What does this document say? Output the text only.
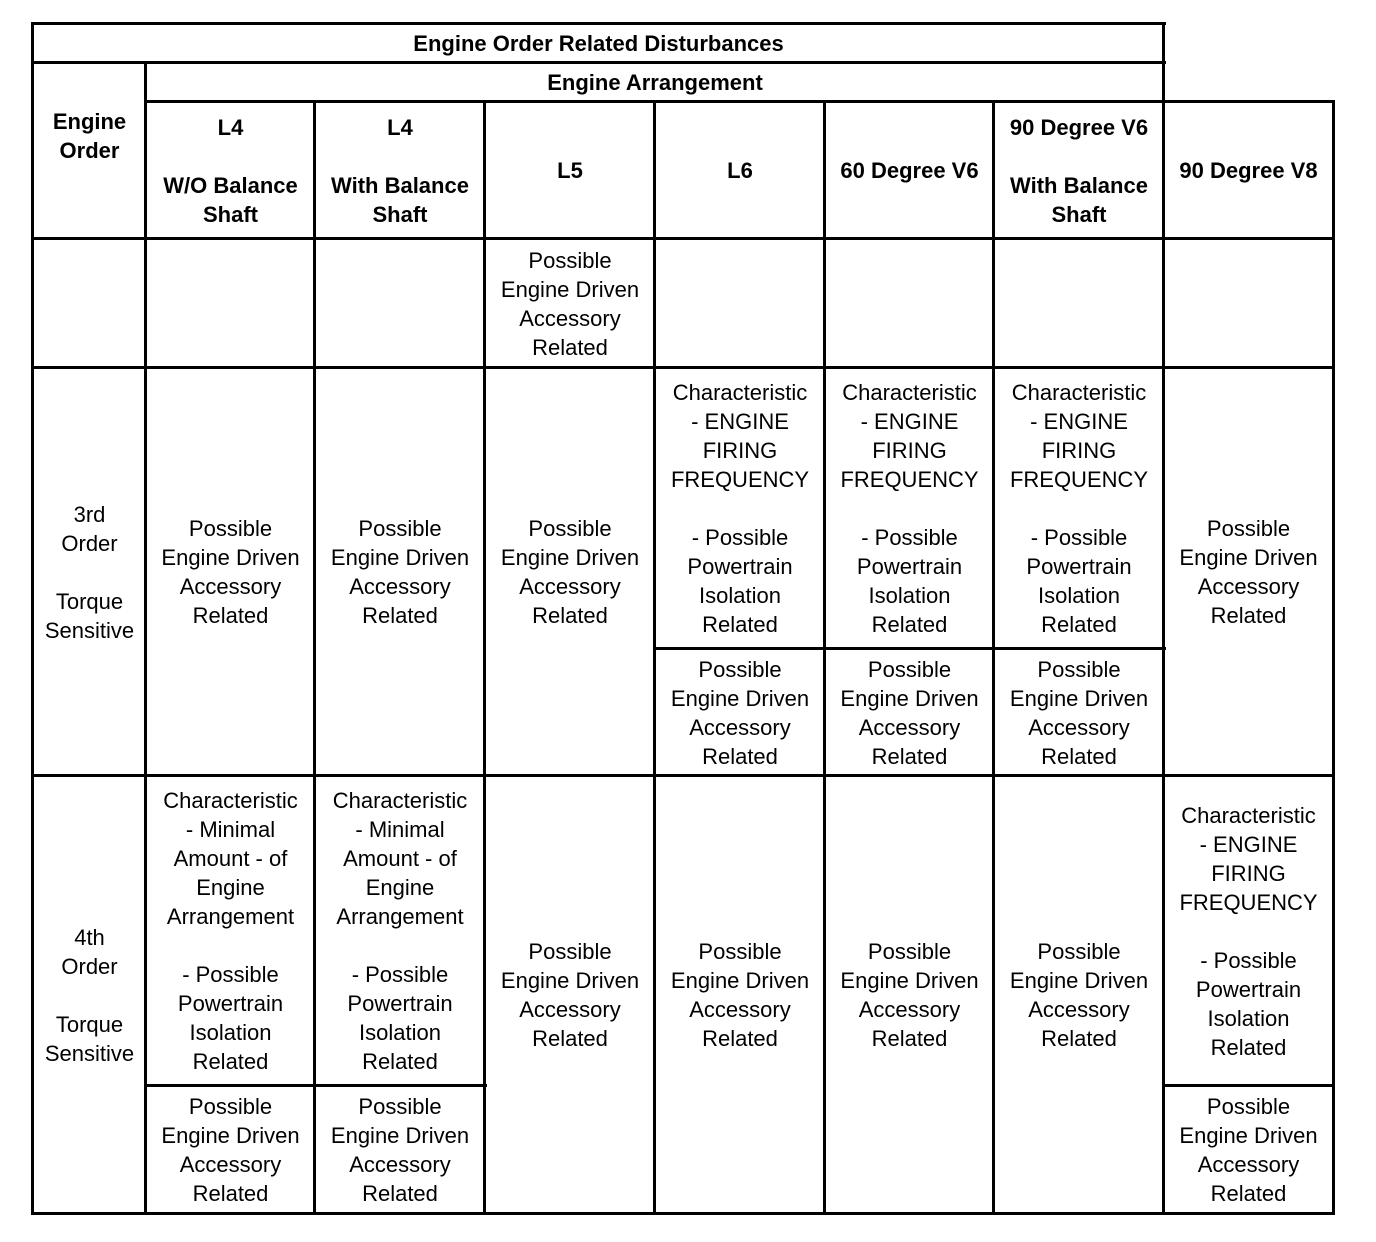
Engine Order Related Disturbances
Engine Arrangement
Engine
Order
L4

W/O Balance
Shaft
L4

With Balance
Shaft
L5	L6	60 Degree V6
90 Degree V6

With Balance
Shaft
90 Degree V8
Possible
Engine Driven
Accessory
Related
3rd
Order

Torque
Sensitive
Possible
Engine Driven
Accessory
Related
Possible
Engine Driven
Accessory
Related
Possible
Engine Driven
Accessory
Related
Characteristic
- ENGINE
FIRING
FREQUENCY

- Possible
Powertrain
Isolation
Related
Characteristic
- ENGINE
FIRING
FREQUENCY

- Possible
Powertrain
Isolation
Related
Characteristic
- ENGINE
FIRING
FREQUENCY

- Possible
Powertrain
Isolation
Related
Possible
Engine Driven
Accessory
Related
Possible
Engine Driven
Accessory
Related
Possible
Engine Driven
Accessory
Related
Possible
Engine Driven
Accessory
Related
4th
Order

Torque
Sensitive
Characteristic
- Minimal
Amount - of
Engine
Arrangement

- Possible
Powertrain
Isolation
Related
Characteristic
- Minimal
Amount - of
Engine
Arrangement

- Possible
Powertrain
Isolation
Related
Possible
Engine Driven
Accessory
Related
Possible
Engine Driven
Accessory
Related
Possible
Engine Driven
Accessory
Related
Possible
Engine Driven
Accessory
Related
Possible
Engine Driven
Accessory
Related
Possible
Engine Driven
Accessory
Related
Characteristic
- ENGINE
FIRING
FREQUENCY

- Possible
Powertrain
Isolation
Related
Possible
Engine Driven
Accessory
Related
